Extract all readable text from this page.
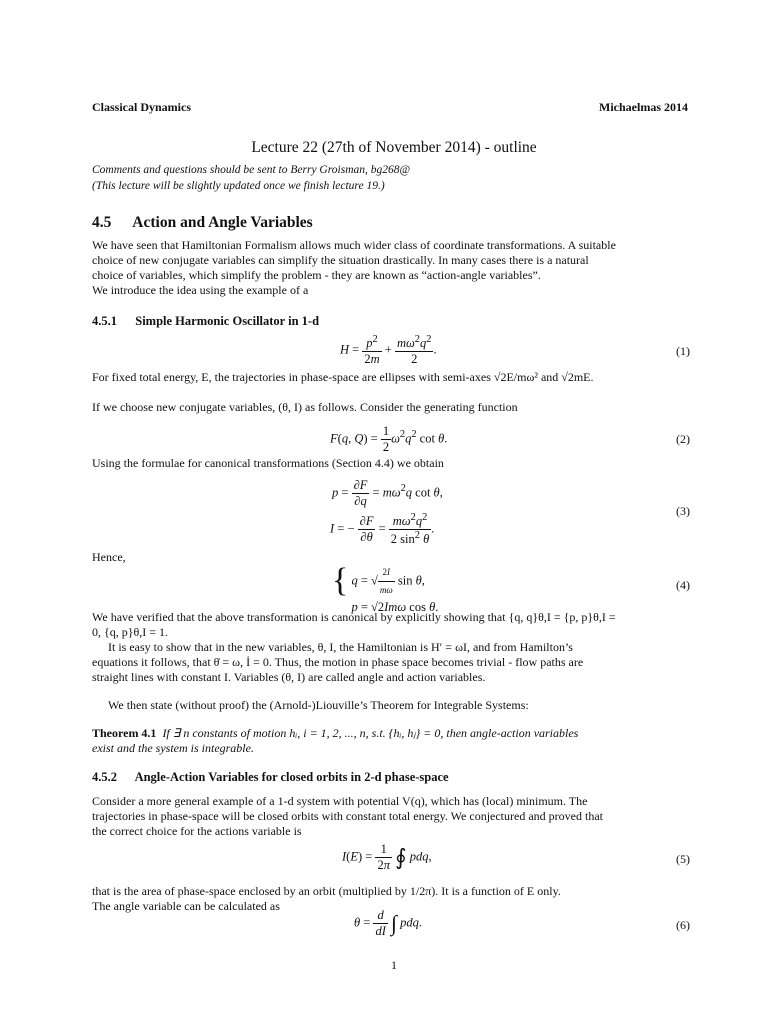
Classical Dynamics	Michaelmas 2014
Lecture 22 (27th of November 2014) - outline
Comments and questions should be sent to Berry Groisman, bg268@
(This lecture will be slightly updated once we finish lecture 19.)
4.5 Action and Angle Variables
We have seen that Hamiltonian Formalism allows much wider class of coordinate transformations. A suitable
choice of new conjugate variables can simplify the situation drastically. In many cases there is a natural
choice of variables, which simplify the problem - they are known as “action-angle variables”.
We introduce the idea using the example of a
4.5.1 Simple Harmonic Oscillator in 1-d
$H = \frac{p^2}{2m} + \frac{m\omega^2q^2}{2}$ .	(1)
For fixed total energy, E, the trajectories in phase-space are ellipses with semi-axes √2E/mω² and √2mE.
If we choose new conjugate variables, (θ, I) as follows. Consider the generating function
F(q, $Q) = \frac{1}{2} \omega^2q^2$ cot θ.	(2)
Using the formulae for canonical transformations (Section 4.4) we obtain
$p = \frac{\partial F}{\partial q} = m\omega^2q$ cot θ,
I = − $\frac{\partial F}{\partial\theta} = \frac{m\omega^2q^2}{2 \sin^2 \theta}$ .
(3)
Hence,
{ q = √ $\frac{2I}{m\omega}$ sin θ,
p = √2Imω cos θ.
(4)
We have verified that the above transformation is canonical by explicitly showing that {q, q}θ,I = {p, p}θ,I =
0, {q, p}θ,I = 1.
It is easy to show that in the new variables, θ, I, the Hamiltonian is H′ = ωI, and from Hamilton’s
equations it follows, that θ̇ = ω, İ = 0. Thus, the motion in phase space becomes trivial - flow paths are
straight lines with constant I. Variables (θ, I) are called angle and action variables.
We then state (without proof) the (Arnold-)Liouville’s Theorem for Integrable Systems:
Theorem 4.1 If ∃ n constants of motion hᵢ, i = 1, 2, ..., n, s.t. {hᵢ, hⱼ} = 0, then angle-action variables
exist and the system is integrable.
4.5.2 Angle-Action Variables for closed orbits in 2-d phase-space
Consider a more general example of a 1-d system with potential V(q), which has (local) minimum. The
trajectories in phase-space will be closed orbits with constant total energy. We conjectured and proved that
the correct choice for the actions variable is
$I(E) = \frac{1}{2\pi}$ ∮ pdq,	(5)
that is the area of phase-space enclosed by an orbit (multiplied by 1/2π). It is a function of E only.
The angle variable can be calculated as
$\theta = \frac{d}{dI}$ ∫ pdq.	(6)
1
